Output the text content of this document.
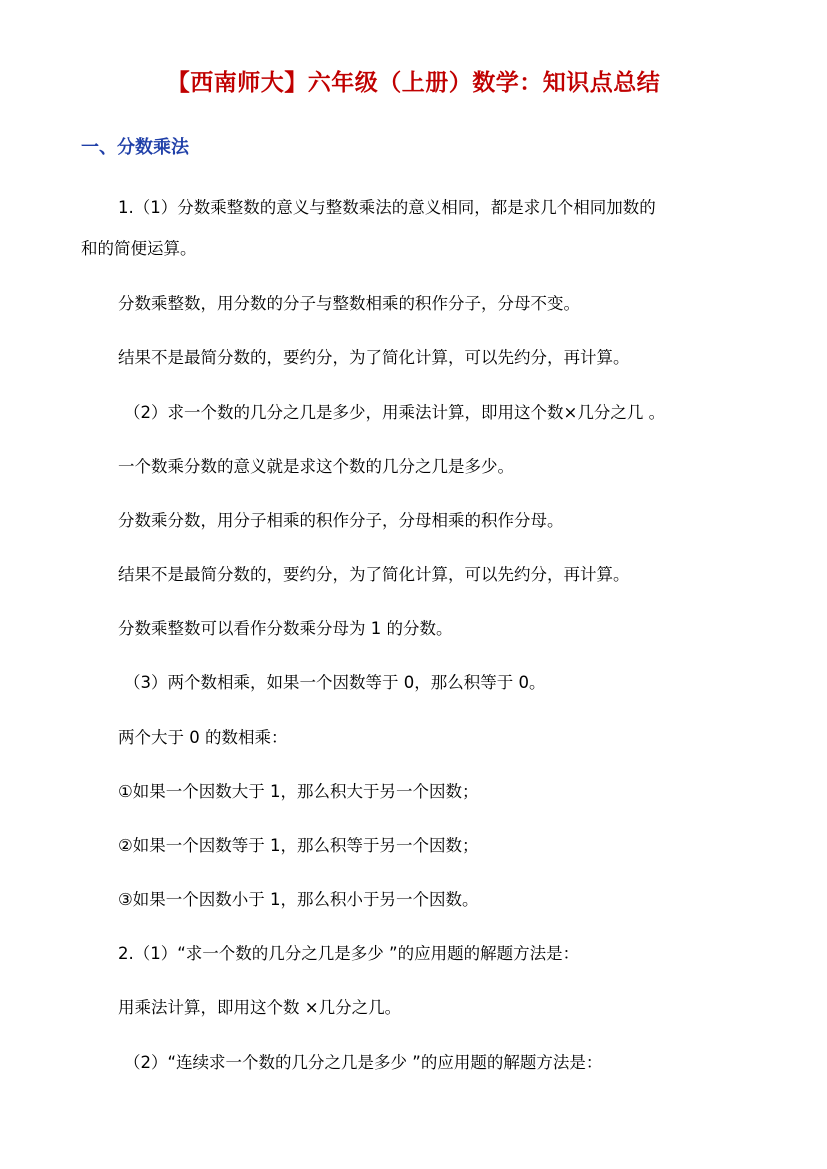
【西南师大】六年级（上册）数学：知识点总结
一、分数乘法
1.（1）分数乘整数的意义与整数乘法的意义相同，都是求几个相同加数的
和的简便运算。
分数乘整数，用分数的分子与整数相乘的积作分子，分母不变。
结果不是最简分数的，要约分，为了简化计算，可以先约分，再计算。
（2）求一个数的几分之几是多少，用乘法计算，即用这个数×几分之几 。
一个数乘分数的意义就是求这个数的几分之几是多少。
分数乘分数，用分子相乘的积作分子，分母相乘的积作分母。
结果不是最简分数的，要约分，为了简化计算，可以先约分，再计算。
分数乘整数可以看作分数乘分母为 1 的分数。
（3）两个数相乘，如果一个因数等于 0，那么积等于 0。
两个大于 0 的数相乘：
①如果一个因数大于 1，那么积大于另一个因数；
②如果一个因数等于 1，那么积等于另一个因数；
③如果一个因数小于 1，那么积小于另一个因数。
2.（1）“求一个数的几分之几是多少 ”的应用题的解题方法是：
用乘法计算，即用这个数 ×几分之几。
（2）“连续求一个数的几分之几是多少 ”的应用题的解题方法是：
